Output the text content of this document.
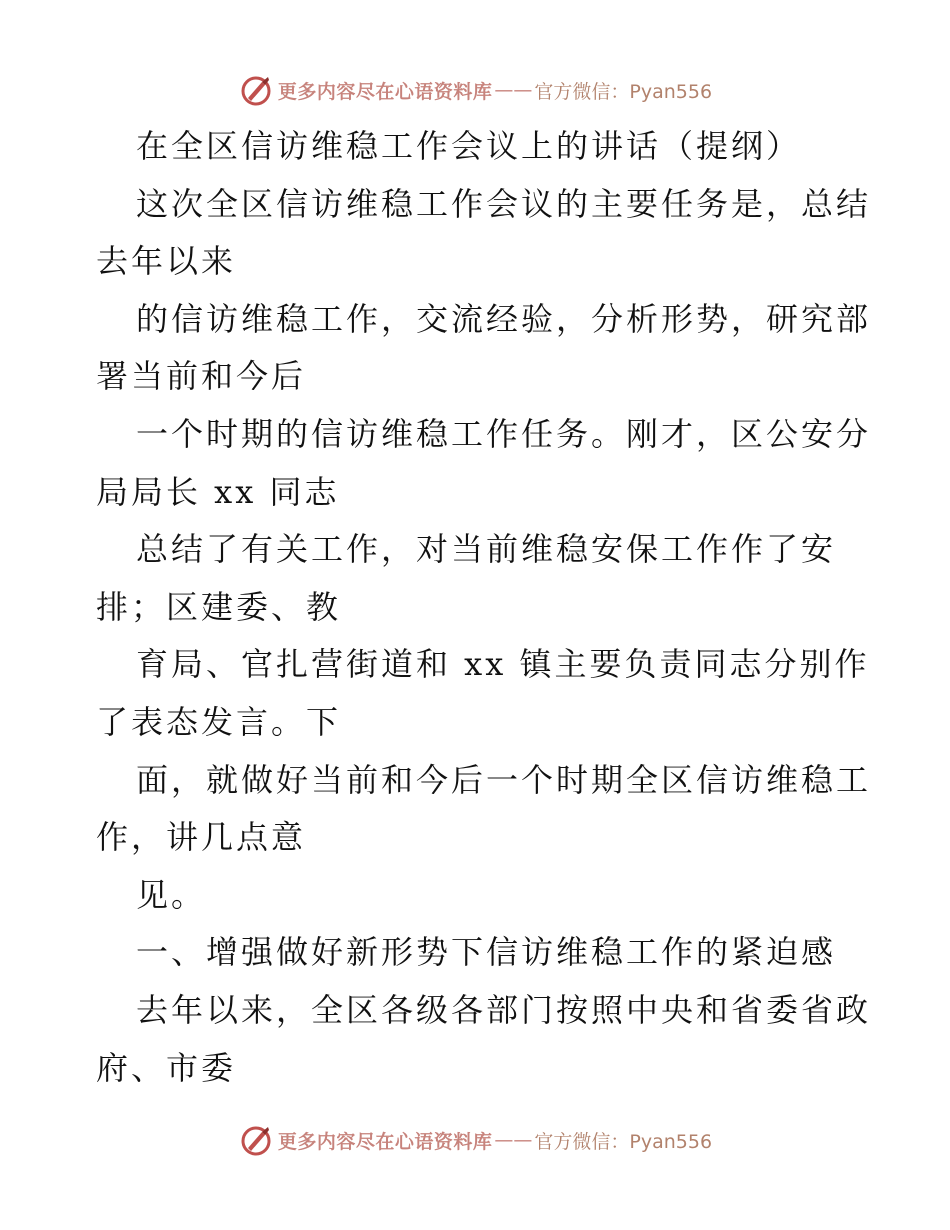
更多内容尽在心语资料库 —— 官方微信：Pyan556
在全区信访维稳工作会议上的讲话（提纲）
这次全区信访维稳工作会议的主要任务是，总结
去年以来
的信访维稳工作，交流经验，分析形势，研究部
署当前和今后
一个时期的信访维稳工作任务。刚才，区公安分
局局长 xx 同志
总结了有关工作，对当前维稳安保工作作了安
排；区建委、教
育局、官扎营街道和 xx 镇主要负责同志分别作
了表态发言。下
面，就做好当前和今后一个时期全区信访维稳工
作，讲几点意
见。
一、增强做好新形势下信访维稳工作的紧迫感
去年以来，全区各级各部门按照中央和省委省政
府、市委
更多内容尽在心语资料库 —— 官方微信：Pyan556
